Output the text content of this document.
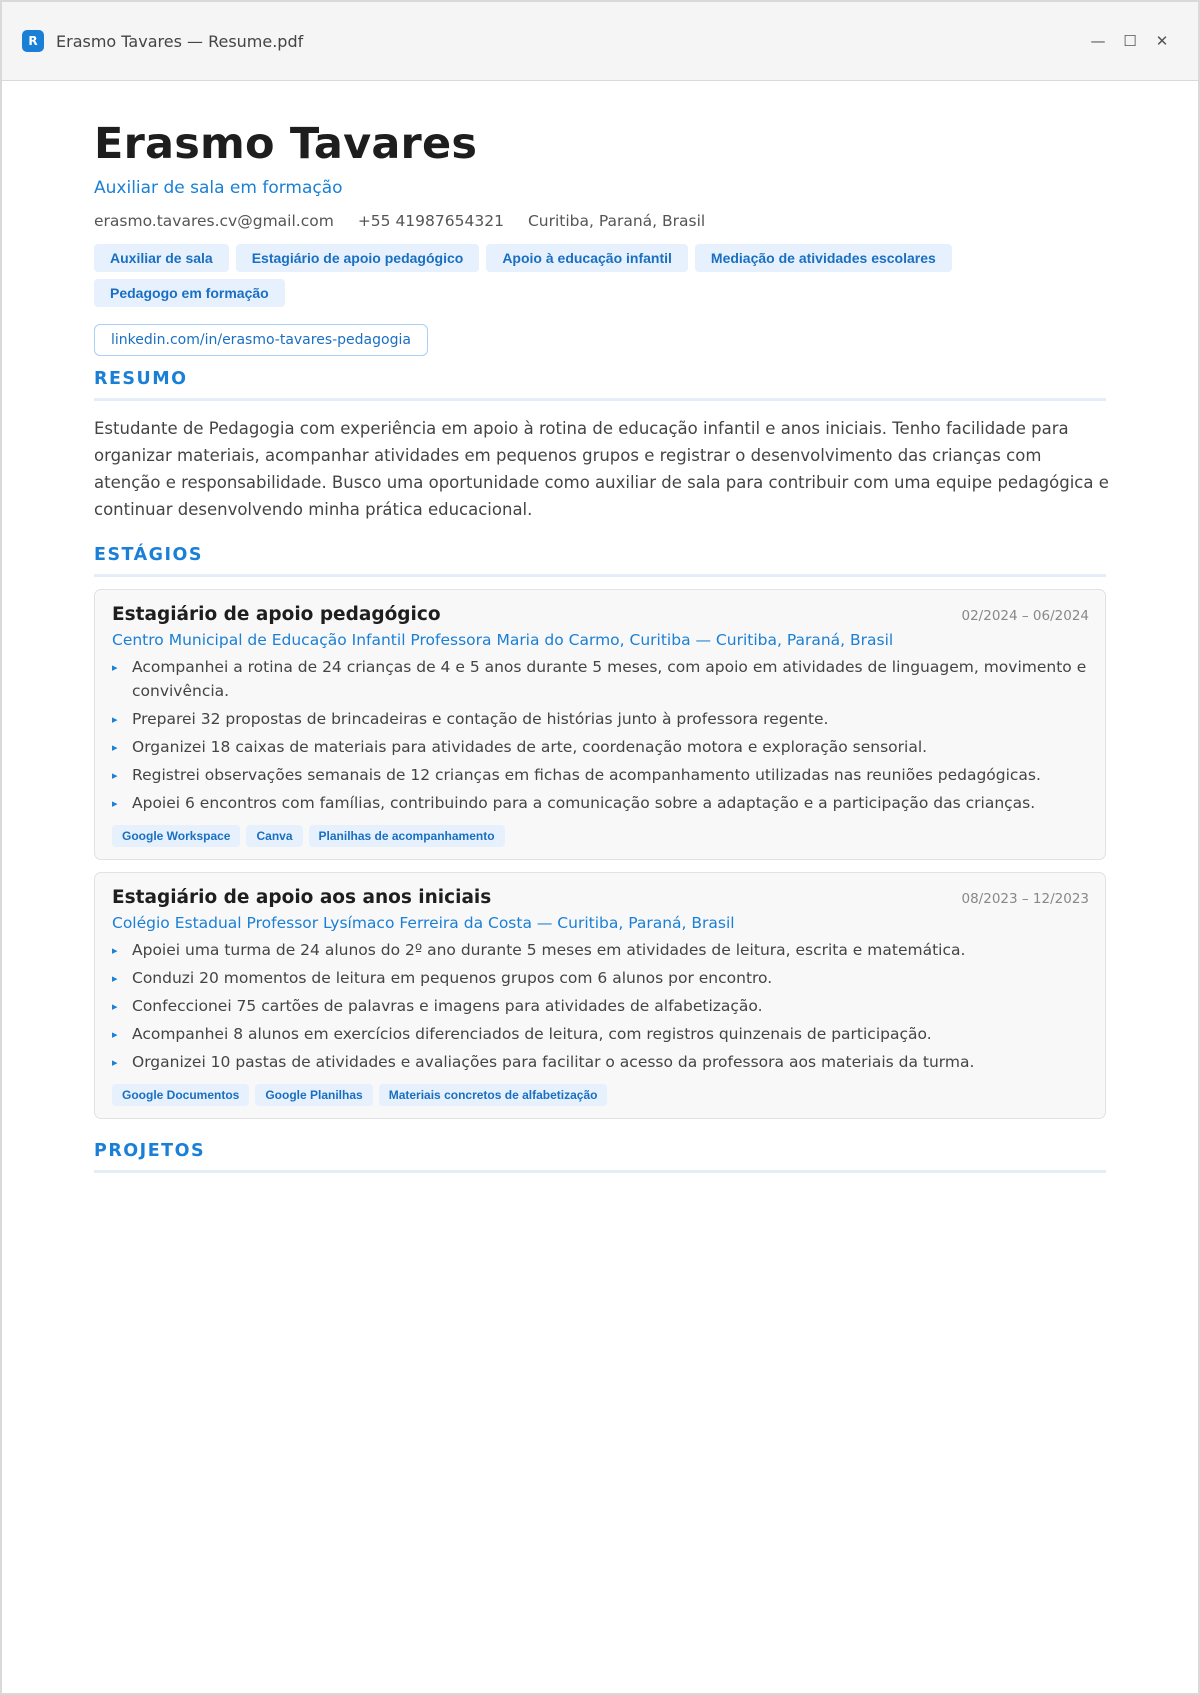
R	Erasmo Tavares — Resume.pdf	—	☐	✕
Erasmo Tavares
Auxiliar de sala em formação
erasmo.tavares.cv@gmail.com +55 41987654321 Curitiba, Paraná, Brasil
Auxiliar de sala	Estagiário de apoio pedagógico	Apoio à educação infantil	Mediação de atividades escolares
Pedagogo em formação
linkedin.com/in/erasmo-tavares-pedagogia
RESUMO

Estudante de Pedagogia com experiência em apoio à rotina de educação infantil e anos iniciais. Tenho facilidade para organizar materiais, acompanhar atividades em pequenos grupos e registrar o desenvolvimento das crianças com atenção e responsabilidade. Busco uma oportunidade como auxiliar de sala para contribuir com uma equipe pedagógica e continuar desenvolvendo minha prática educacional.

ESTÁGIOS
Estagiário de apoio pedagógico	02/2024 – 06/2024
Centro Municipal de Educação Infantil Professora Maria do Carmo, Curitiba — Curitiba, Paraná, Brasil
▸ Acompanhei a rotina de 24 crianças de 4 e 5 anos durante 5 meses, com apoio em atividades de linguagem, movimento e convivência.
▸ Preparei 32 propostas de brincadeiras e contação de histórias junto à professora regente.
▸ Organizei 18 caixas de materiais para atividades de arte, coordenação motora e exploração sensorial.
▸ Registrei observações semanais de 12 crianças em fichas de acompanhamento utilizadas nas reuniões pedagógicas.
▸ Apoiei 6 encontros com famílias, contribuindo para a comunicação sobre a adaptação e a participação das crianças.
Google Workspace	Canva	Planilhas de acompanhamento
Estagiário de apoio aos anos iniciais	08/2023 – 12/2023
Colégio Estadual Professor Lysímaco Ferreira da Costa — Curitiba, Paraná, Brasil
▸ Apoiei uma turma de 24 alunos do 2º ano durante 5 meses em atividades de leitura, escrita e matemática.
▸ Conduzi 20 momentos de leitura em pequenos grupos com 6 alunos por encontro.
▸ Confeccionei 75 cartões de palavras e imagens para atividades de alfabetização.
▸ Acompanhei 8 alunos em exercícios diferenciados de leitura, com registros quinzenais de participação.
▸ Organizei 10 pastas de atividades e avaliações para facilitar o acesso da professora aos materiais da turma.
Google Documentos	Google Planilhas	Materiais concretos de alfabetização
PROJETOS
